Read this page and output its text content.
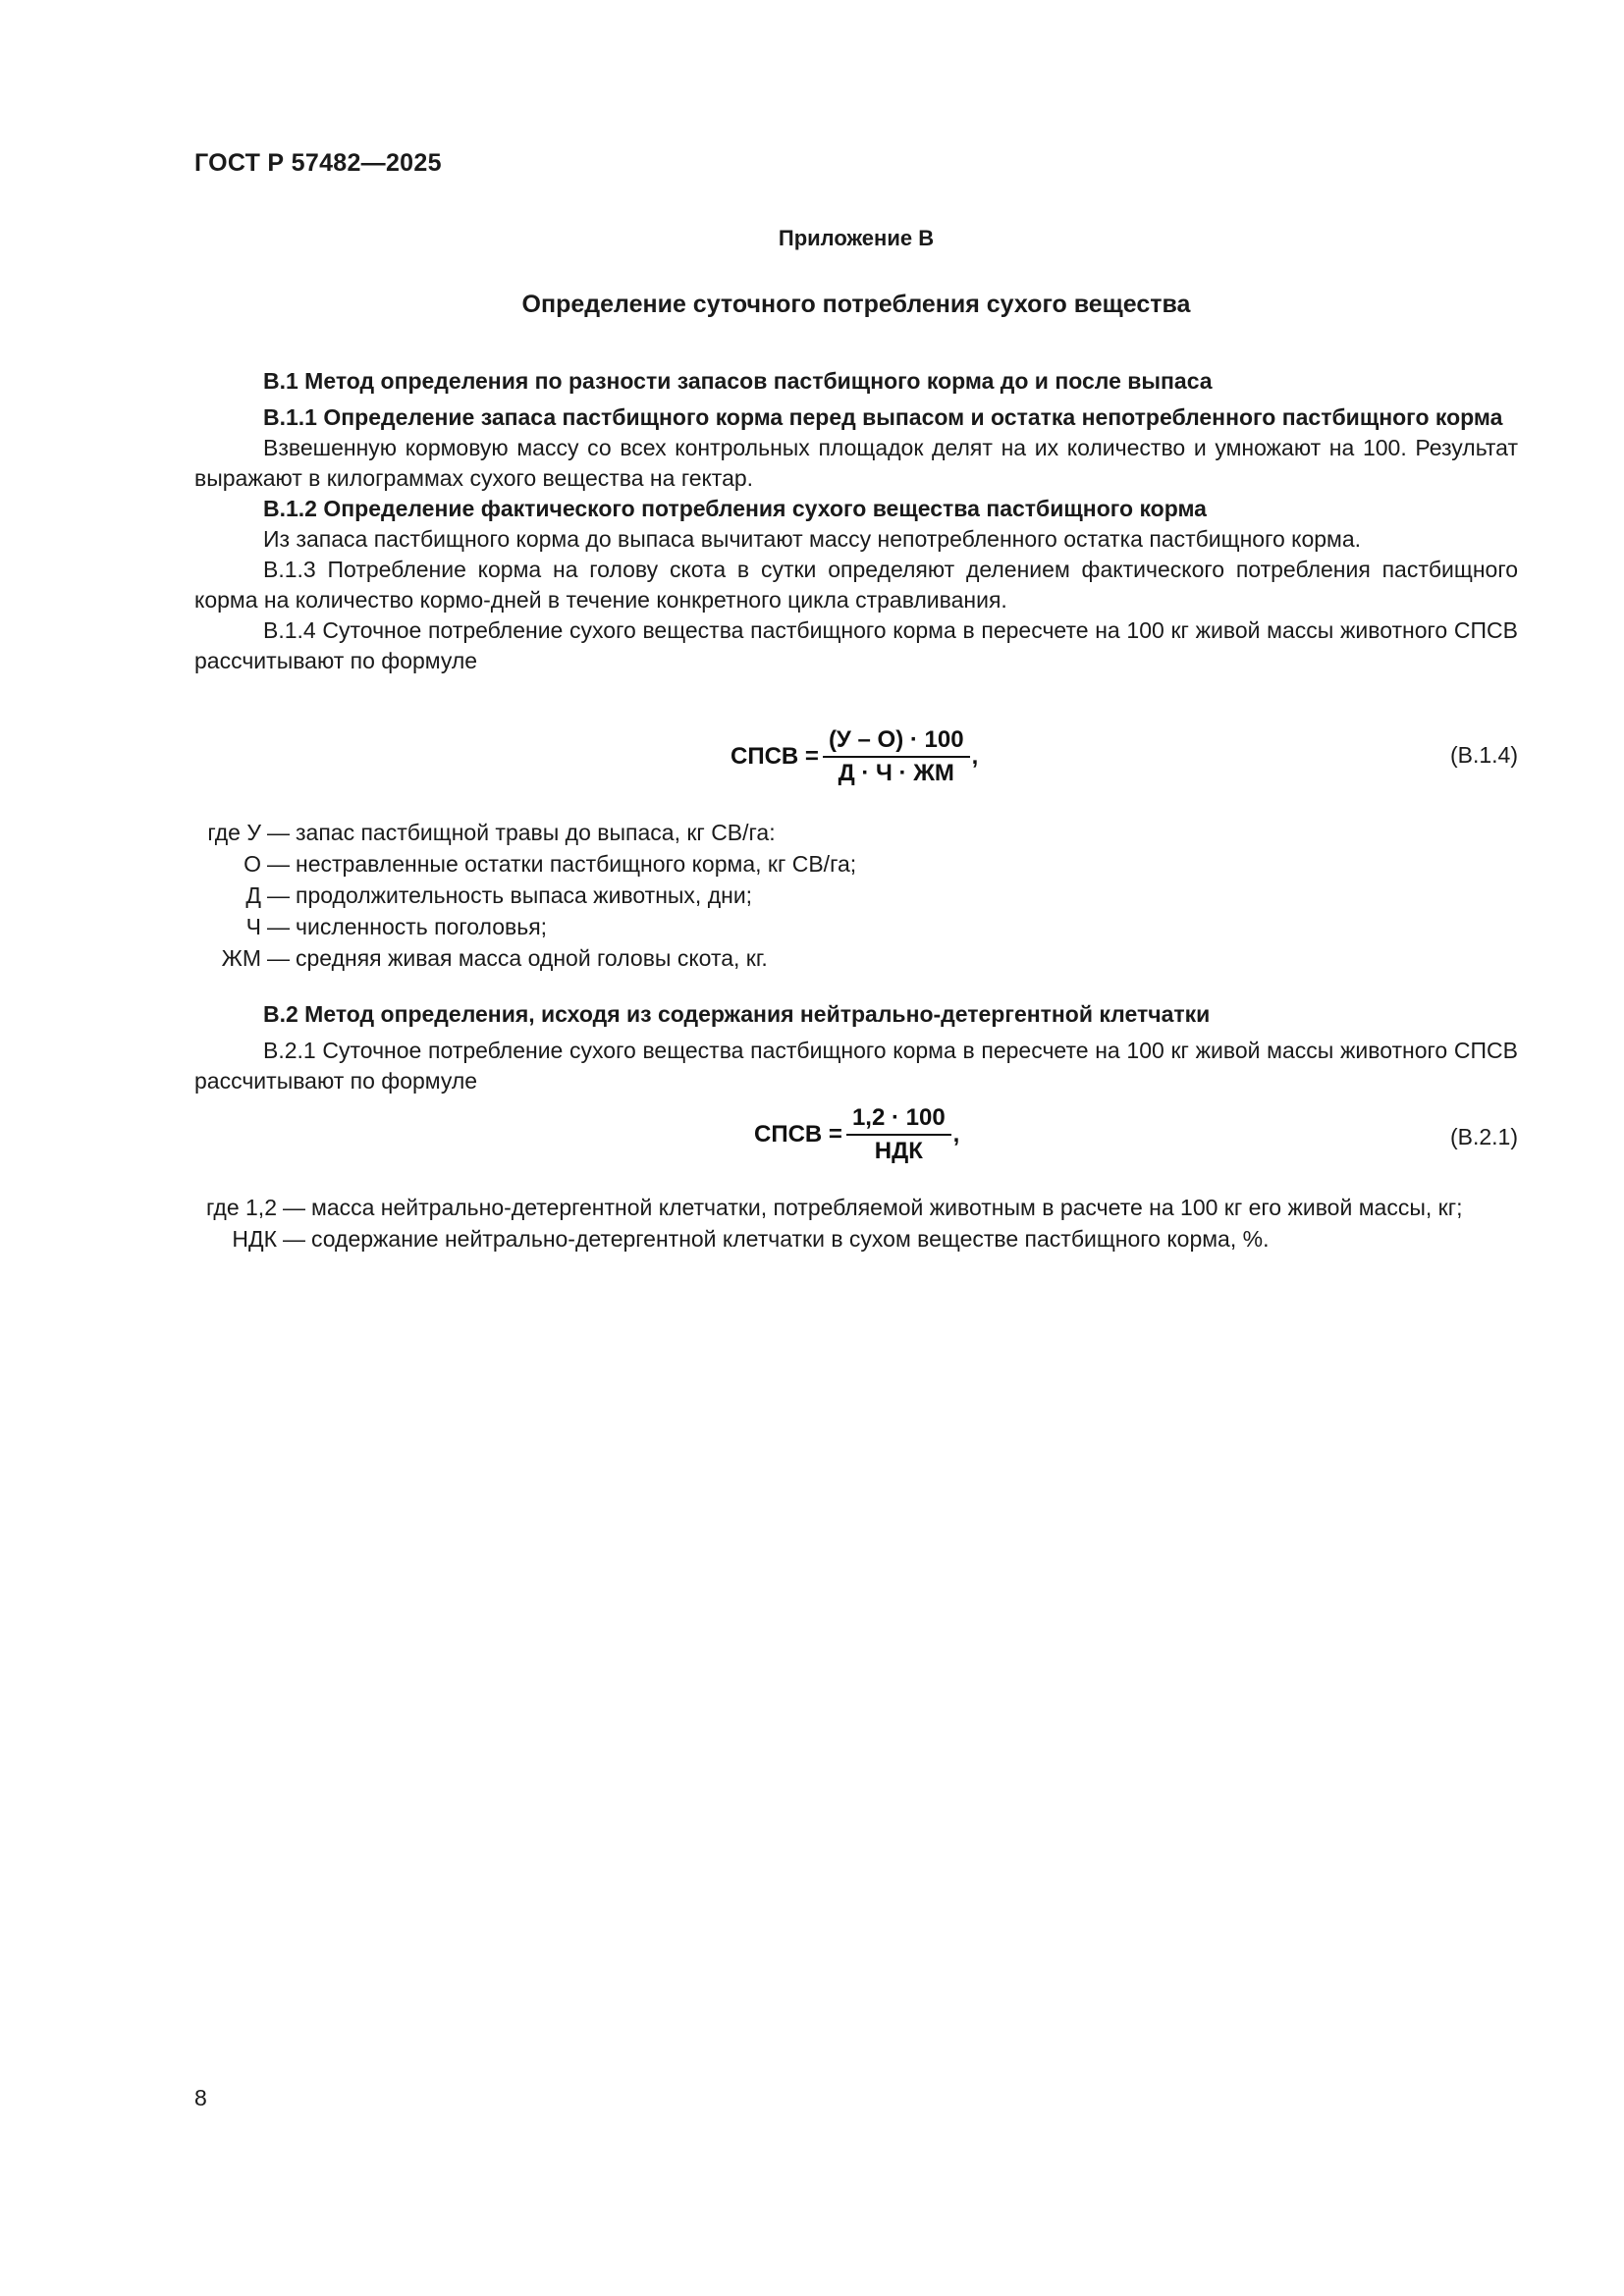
ГОСТ Р 57482—2025
Приложение В
Определение суточного потребления сухого вещества
В.1 Метод определения по разности запасов пастбищного корма до и после выпаса
В.1.1 Определение запаса пастбищного корма перед выпасом и остатка непотребленного пастбищного корма
Взвешенную кормовую массу со всех контрольных площадок делят на их количество и умножают на 100. Результат выражают в килограммах сухого вещества на гектар.
В.1.2 Определение фактического потребления сухого вещества пастбищного корма
Из запаса пастбищного корма до выпаса вычитают массу непотребленного остатка пастбищного корма.
В.1.3 Потребление корма на голову скота в сутки определяют делением фактического потребления пастбищного корма на количество кормо-дней в течение конкретного цикла стравливания.
В.1.4 Суточное потребление сухого вещества пастбищного корма в пересчете на 100 кг живой массы животного СПСВ рассчитывают по формуле
СПСВ = $\frac{(У - О) \cdot 100}{Д \cdot Ч \cdot ЖМ}$ ,	(В.1.4)
где У — запас пастбищной травы до выпаса, кг СВ/га:
О — нестравленные остатки пастбищного корма, кг СВ/га;
Д — продолжительность выпаса животных, дни;
Ч — численность поголовья;
ЖМ — средняя живая масса одной головы скота, кг.
В.2 Метод определения, исходя из содержания нейтрально-детергентной клетчатки
В.2.1 Суточное потребление сухого вещества пастбищного корма в пересчете на 100 кг живой массы животного СПСВ рассчитывают по формуле
СПСВ = $\frac{1,2 \cdot 100}{\text{НДК}}$ ,	(В.2.1)
где 1,2 — масса нейтрально-детергентной клетчатки, потребляемой животным в расчете на 100 кг его живой массы, кг;
НДК — содержание нейтрально-детергентной клетчатки в сухом веществе пастбищного корма, %.
8
